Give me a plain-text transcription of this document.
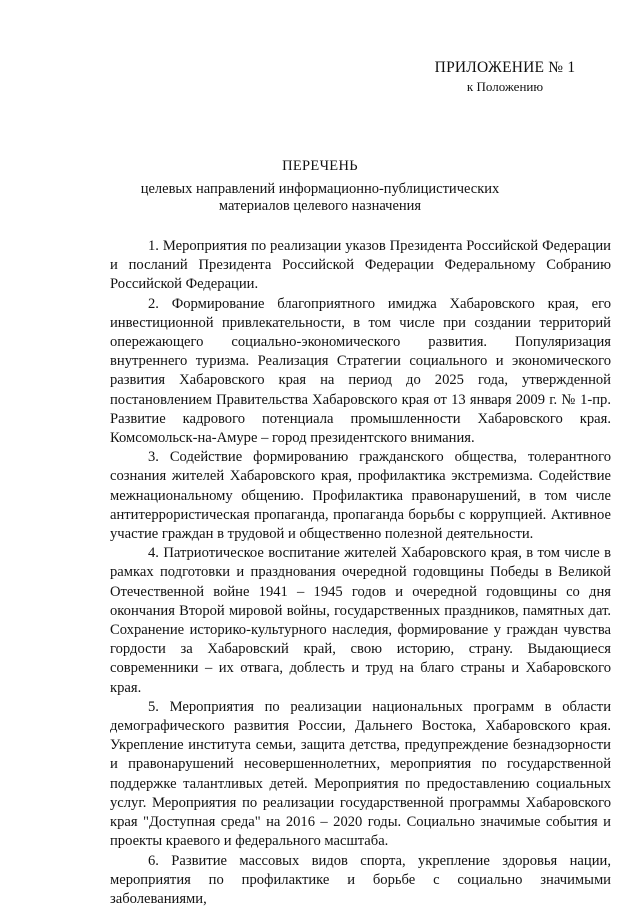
ПРИЛОЖЕНИЕ № 1
к Положению
ПЕРЕЧЕНЬ
целевых направлений информационно-публицистических материалов целевого назначения

1. Мероприятия по реализации указов Президента Российской Федерации и посланий Президента Российской Федерации Федеральному Собранию Российской Федерации.

2. Формирование благоприятного имиджа Хабаровского края, его инвестиционной привлекательности, в том числе при создании территорий опережающего социально-экономического развития. Популяризация внутреннего туризма. Реализация Стратегии социального и экономического развития Хабаровского края на период до 2025 года, утвержденной постановлением Правительства Хабаровского края от 13 января 2009 г. № 1-пр. Развитие кадрового потенциала промышленности Хабаровского края. Комсомольск-на-Амуре – город президентского внимания.

3. Содействие формированию гражданского общества, толерантного сознания жителей Хабаровского края, профилактика экстремизма. Содействие межнациональному общению. Профилактика правонарушений, в том числе антитеррористическая пропаганда, пропаганда борьбы с коррупцией. Активное участие граждан в трудовой и общественно полезной деятельности.

4. Патриотическое воспитание жителей Хабаровского края, в том числе в рамках подготовки и празднования очередной годовщины Победы в Великой Отечественной войне 1941 – 1945 годов и очередной годовщины со дня окончания Второй мировой войны, государственных праздников, памятных дат. Сохранение историко-культурного наследия, формирование у граждан чувства гордости за Хабаровский край, свою историю, страну. Выдающиеся современники – их отвага, доблесть и труд на благо страны и Хабаровского края.

5. Мероприятия по реализации национальных программ в области демографического развития России, Дальнего Востока, Хабаровского края. Укрепление института семьи, защита детства, предупреждение безнадзорности и правонарушений несовершеннолетних, мероприятия по государственной поддержке талантливых детей. Мероприятия по предоставлению социальных услуг. Мероприятия по реализации государственной программы Хабаровского края "Доступная среда" на 2016 – 2020 годы. Социально значимые события и проекты краевого и федерального масштаба.

6. Развитие массовых видов спорта, укрепление здоровья нации, мероприятия по профилактике и борьбе с социально значимыми заболеваниями,
